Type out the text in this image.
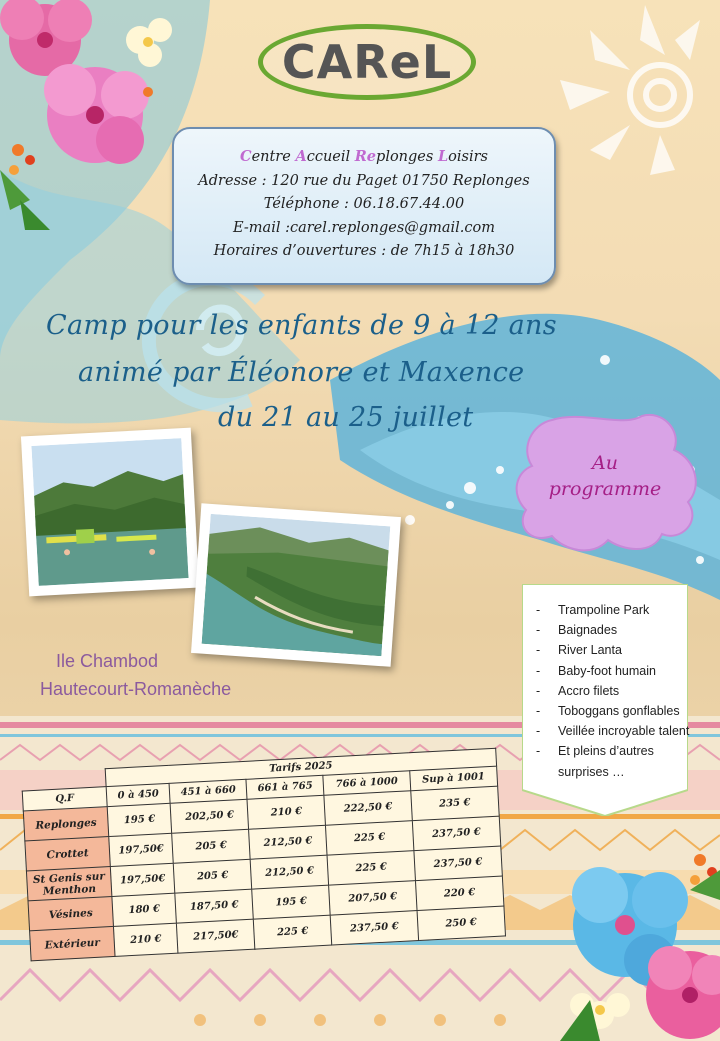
CAReL
Centre Accueil Replonges Loisirs
Adresse : 120 rue du Paget 01750 Replonges
Téléphone : 06.18.67.44.00
E-mail :carel.replonges@gmail.com
Horaires d’ouvertures : de 7h15 à 18h30
Camp pour les enfants de 9 à 12 ans
animé par Éléonore et Maxence
du 21 au 25 juillet
Au
programme
Ile Chambod
Hautecourt-Romanèche
- Trampoline Park
- Baignades
- River Lanta
- Baby-foot humain
- Accro filets
- Toboggans gonflables
- Veillée incroyable talent
- Et pleins d’autres surprises …
	Tarifs 2025				
Q.F	0 à 450	451 à 660	661 à 765	766 à 1000	Sup à 1001
Replonges	195 €	202,50 €	210 €	222,50 €	235 €
Crottet	197,50€	205 €	212,50 €	225 €	237,50 €
St Genis sur Menthon	197,50€	205 €	212,50 €	225 €	237,50 €
Vésines	180 €	187,50 €	195 €	207,50 €	220 €
Extérieur	210 €	217,50€	225 €	237,50 €	250 €
